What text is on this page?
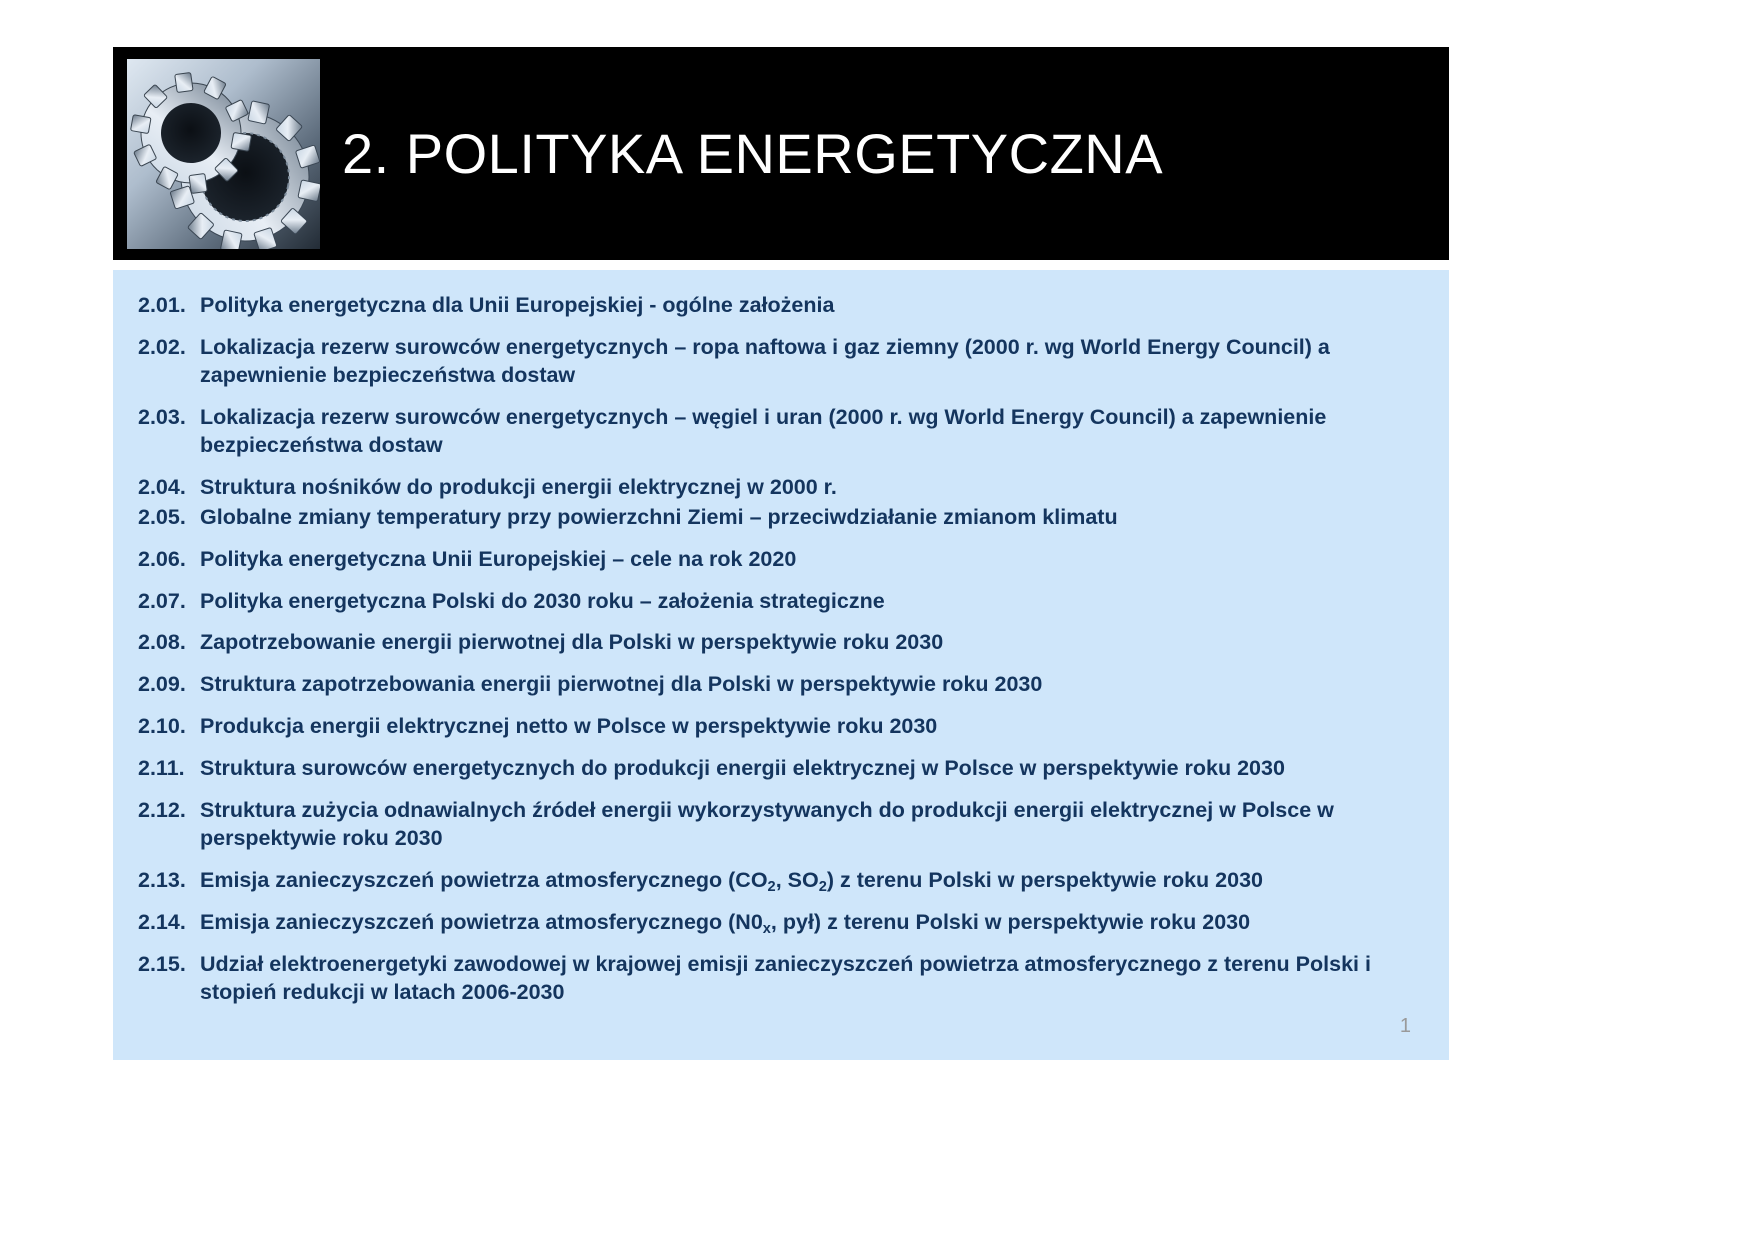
2. POLITYKA ENERGETYCZNA
2.01. Polityka energetyczna dla Unii Europejskiej - ogólne założenia
2.02. Lokalizacja rezerw surowców energetycznych – ropa naftowa i gaz ziemny (2000 r. wg World Energy Council) a zapewnienie bezpieczeństwa dostaw
2.03. Lokalizacja rezerw surowców energetycznych – węgiel i uran (2000 r. wg World Energy Council) a zapewnienie bezpieczeństwa dostaw
2.04. Struktura nośników do produkcji energii elektrycznej w 2000 r.
2.05. Globalne zmiany temperatury przy powierzchni Ziemi – przeciwdziałanie zmianom klimatu
2.06. Polityka energetyczna Unii Europejskiej – cele na rok 2020
2.07. Polityka energetyczna Polski do 2030 roku – założenia strategiczne
2.08. Zapotrzebowanie energii pierwotnej dla Polski w perspektywie roku 2030
2.09. Struktura zapotrzebowania energii pierwotnej dla Polski w perspektywie roku 2030
2.10. Produkcja energii elektrycznej netto w Polsce w perspektywie roku 2030
2.11. Struktura surowców energetycznych do produkcji energii elektrycznej w Polsce w perspektywie roku 2030
2.12. Struktura zużycia odnawialnych źródeł energii wykorzystywanych do produkcji energii elektrycznej w Polsce w perspektywie roku 2030
2.13. Emisja zanieczyszczeń powietrza atmosferycznego ($CO_2$, $SO_2$) z terenu Polski w perspektywie roku 2030
2.14. Emisja zanieczyszczeń powietrza atmosferycznego ($N0_x$, pył) z terenu Polski w perspektywie roku 2030
2.15. Udział elektroenergetyki zawodowej w krajowej emisji zanieczyszczeń powietrza atmosferycznego z terenu Polski i stopień redukcji w latach 2006-2030
1
